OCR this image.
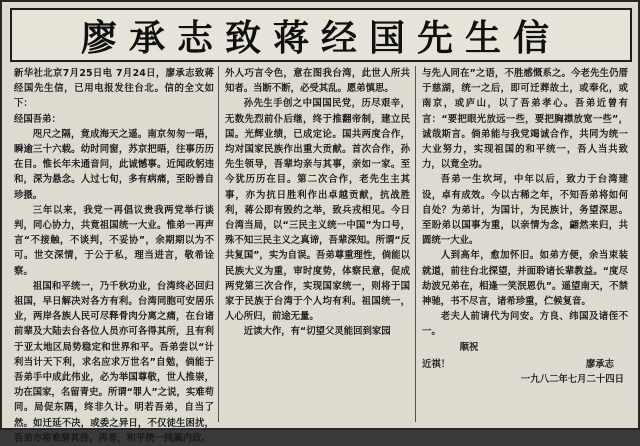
廖承志致蒋经国先生信
新华社北京7月25日电 7月24日，廖承志致蒋经国先生信，已用电报发往台北。信的全文如下：
经国吾弟：

咫尺之隔，竟成海天之遥。南京匆匆一晤，瞬逾三十六载。幼时同窗，苏京把晤，往事历历在目。惟长年未通音问，此诚憾事。近闻政躬违和，深为悬念。人过七旬，多有病痛，至盼善自珍摄。

三年以来，我党一再倡议贵我两党举行谈判，同心协力，共竟祖国统一大业。惟弟一再声言“不接触，不谈判，不妥协”，余期期以为不可。世交深情，于公于私，理当进言，敬希诠察。

祖国和平统一，乃千秋功业，台湾终必回归祖国，早日解决对各方有利。台湾同胞可安居乐业，两岸各族人民可尽释骨肉分离之痛，在台诸前辈及大陆去台各位人员亦可各得其所，且有利于亚太地区局势稳定和世界和平。吾弟尝以“计利当计天下利，求名应求万世名”自勉，倘能于吾弟手中成此伟业，必为举国尊敬，世人推崇，功在国家，名留青史。所谓“罪人”之说，实难苟同。局促东隅，终非久计。明若吾弟，自当了然。如迁延不决，或委之异日，不仅徒生困扰，吾弟亦将难辞其咎。再者，和平统一纯属内政。

外人巧言令色，意在图我台湾，此世人所共知者。当断不断，必受其乱。愿弟慎思。

孙先生手创之中国国民党，历尽艰辛，无数先烈前仆后继，终于推翻帝制，建立民国。光辉业绩，已成定论。国共两度合作，均对国家民族作出重大贡献。首次合作，孙先生领导，吾辈均亲与其事，亲如一家。至今犹历历在目。第二次合作，老先生主其事，亦为抗日胜利作出卓越贡献，抗战胜利，蒋公即有毁约之举，致兵戎相见。今日台湾当局，以“三民主义统一中国”为口号，殊不知三民主义之真谛，吾辈深知。所谓“反共复国”，实为自误。吾弟尊重理性，倘能以民族大义为重，审时度势，体察民意，促成两党第三次合作，实现国家统一，则将于国家于民族于台湾于个人均有利。祖国统一，人心所归，前途无量。

近读大作，有“切望父灵能回到家园

与先人同在”之语，不胜感慨系之。今老先生仍厝于慈湖，统一之后，即可迁葬故土，或奉化，或南京，或庐山，以了吾弟孝心。吾弟近曾有言：“要把眼光放远一些，要把胸襟放宽一些”，诚哉斯言。倘弟能与我党竭诚合作，共同为统一大业努力，实现祖国的和平统一，吾人当共致力，以竟全功。

吾弟一生坎坷，中年以后，致力于台湾建设，卓有成效。今以古稀之年，不知吾弟将如何自处？为弟计，为国计，为民族计，务望深思。至盼弟以国事为重，以亲情为念，翩然来归，共圆统一大业。

人到高年，愈加怀旧。如弟方便，余当束装就道，前往台北探望，并面聆诸长辈教益。“度尽劫波兄弟在，相逢一笑泯恩仇”。遥望南天，不禁神驰，书不尽言，诸希珍重，伫候复音。

老夫人前请代为问安。方良、纬国及诸侄不一。

顺祝
近祺！	廖承志
一九八二年七月二十四日
